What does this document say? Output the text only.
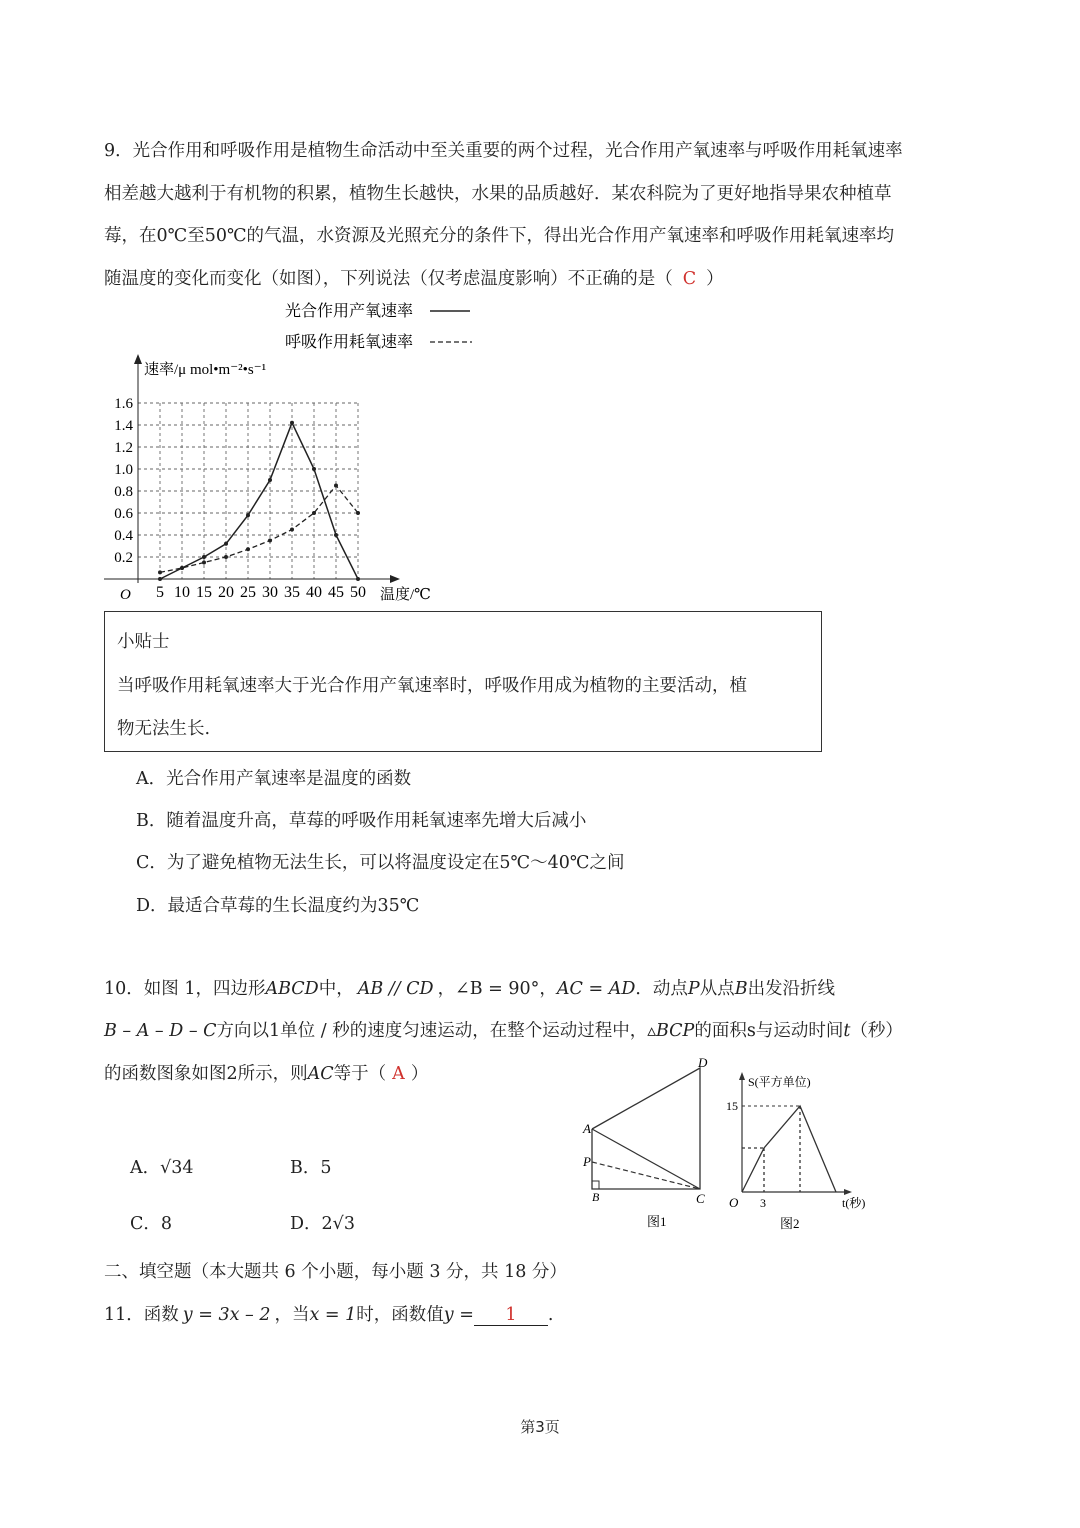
9．光合作用和呼吸作用是植物生命活动中至关重要的两个过程，光合作用产氧速率与呼吸作用耗氧速率
相差越大越利于有机物的积累，植物生长越快，水果的品质越好．某农科院为了更好地指导果农种植草
莓，在0℃至50℃的气温，水资源及光照充分的条件下，得出光合作用产氧速率和呼吸作用耗氧速率均
随温度的变化而变化（如图），下列说法（仅考虑温度影响）不正确的是（ C ）
光合作用产氧速率
呼吸作用耗氧速率
5 10 15 20 25 30 35 40 45 50
0.2
0.4
0.6
0.8
1.0
1.2
1.4
1.6
速率/μ mol•m⁻²•s⁻¹
温度/℃
O
小贴士
当呼吸作用耗氧速率大于光合作用产氧速率时，呼吸作用成为植物的主要活动，植
物无法生长.
A．光合作用产氧速率是温度的函数
B．随着温度升高，草莓的呼吸作用耗氧速率先增大后减小
C．为了避免植物无法生长，可以将温度设定在5℃～40℃之间
D．最适合草莓的生长温度约为35℃
10．如图 1，四边形ABCD中， AB // CD ，∠B = 90°，AC = AD．动点P从点B出发沿折线
B – A – D – C方向以1单位 / 秒的速度匀速运动，在整个运动过程中，▵BCP的面积s与运动时间t（秒）
的函数图象如图2所示，则AC等于（ A ）
A．√34	B．5
C．8	D．2√3
D
A
P
B	C
图1
S(平方单位)
15
O 3	t(秒)
图2
二、填空题（本大题共 6 个小题，每小题 3 分，共 18 分）
11．函数 y = 3x – 2 ，当x = 1时，函数值y = 1 .
第3页
